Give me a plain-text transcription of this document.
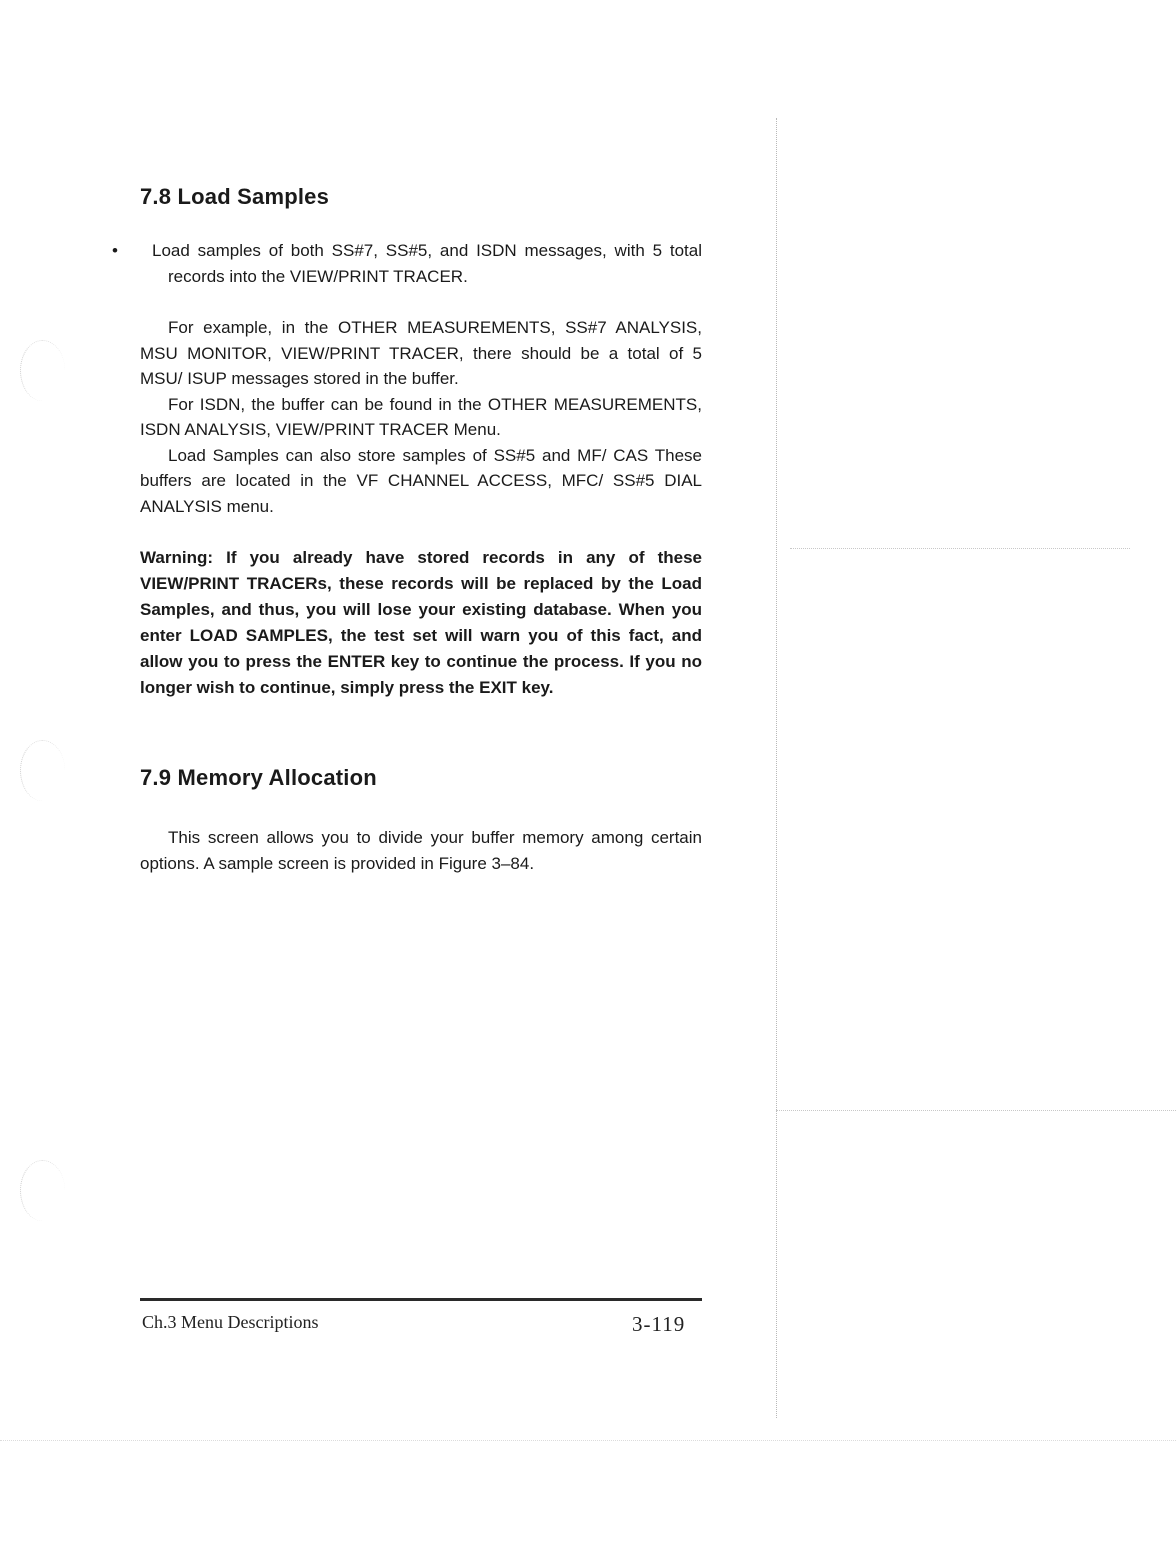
7.8 Load Samples

• Load samples of both SS#7, SS#5, and ISDN messages, with 5 total records into the VIEW/PRINT TRACER.

For example, in the OTHER MEASUREMENTS, SS#7 ANALYSIS, MSU MONITOR, VIEW/PRINT TRACER, there should be a total of 5 MSU/ ISUP messages stored in the buffer.

For ISDN, the buffer can be found in the OTHER MEASUREMENTS, ISDN ANALYSIS, VIEW/PRINT TRACER Menu.

Load Samples can also store samples of SS#5 and MF/ CAS These buffers are located in the VF CHANNEL ACCESS, MFC/ SS#5 DIAL ANALYSIS menu.

Warning: If you already have stored records in any of these VIEW/PRINT TRACERs, these records will be replaced by the Load Samples, and thus, you will lose your existing database. When you enter LOAD SAMPLES, the test set will warn you of this fact, and allow you to press the ENTER key to continue the process. If you no longer wish to continue, simply press the EXIT key.

7.9 Memory Allocation

This screen allows you to divide your buffer memory among certain options. A sample screen is provided in Figure 3–84.

Ch.3 Menu Descriptions	3-119
